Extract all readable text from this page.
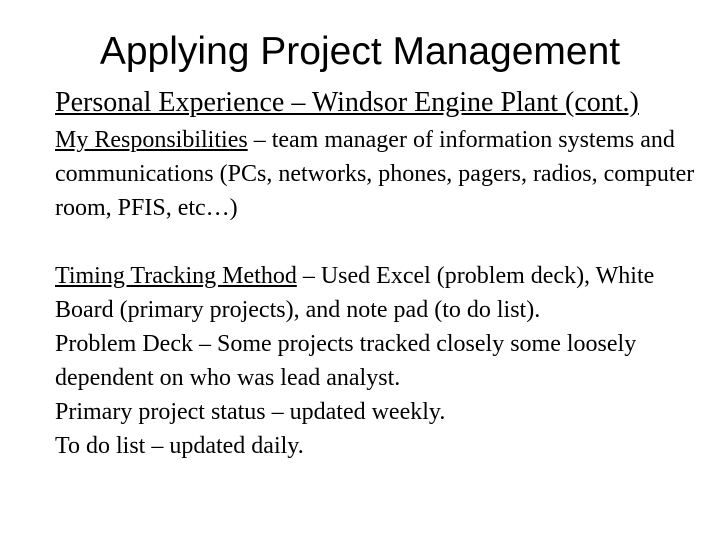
Applying Project Management

Personal Experience – Windsor Engine Plant (cont.)

My Responsibilities – team manager of information systems and communications (PCs, networks, phones, pagers, radios, computer room, PFIS, etc…)

Timing Tracking Method – Used Excel (problem deck), White Board (primary projects), and note pad (to do list).

Problem Deck – Some projects tracked closely some loosely dependent on who was lead analyst.

Primary project status – updated weekly.

To do list – updated daily.
